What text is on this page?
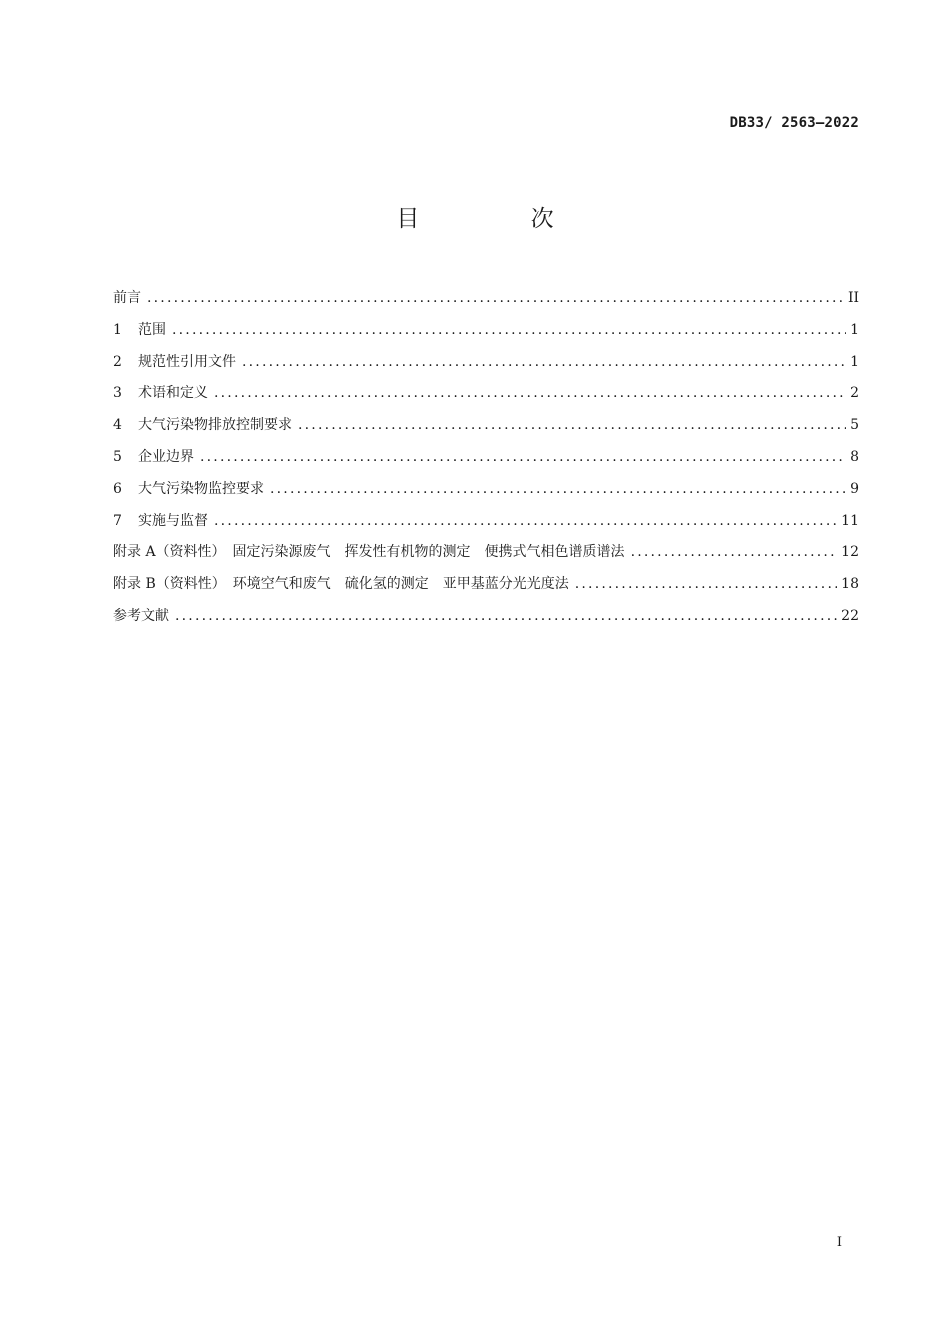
DB33/ 2563—2022
目 次
前言 .....	II
1	范围 .....	1
2	规范性引用文件 .....	1
3	术语和定义 .....	2
4	大气污染物排放控制要求 .....	5
5	企业边界 .....	8
6	大气污染物监控要求 .....	9
7	实施与监督 .....	11
附录 A（资料性）　固定污染源废气　挥发性有机物的测定　便携式气相色谱质谱法 .....	12
附录 B（资料性）　环境空气和废气　硫化氢的测定　亚甲基蓝分光光度法 .....	18
参考文献 .....	22
I
